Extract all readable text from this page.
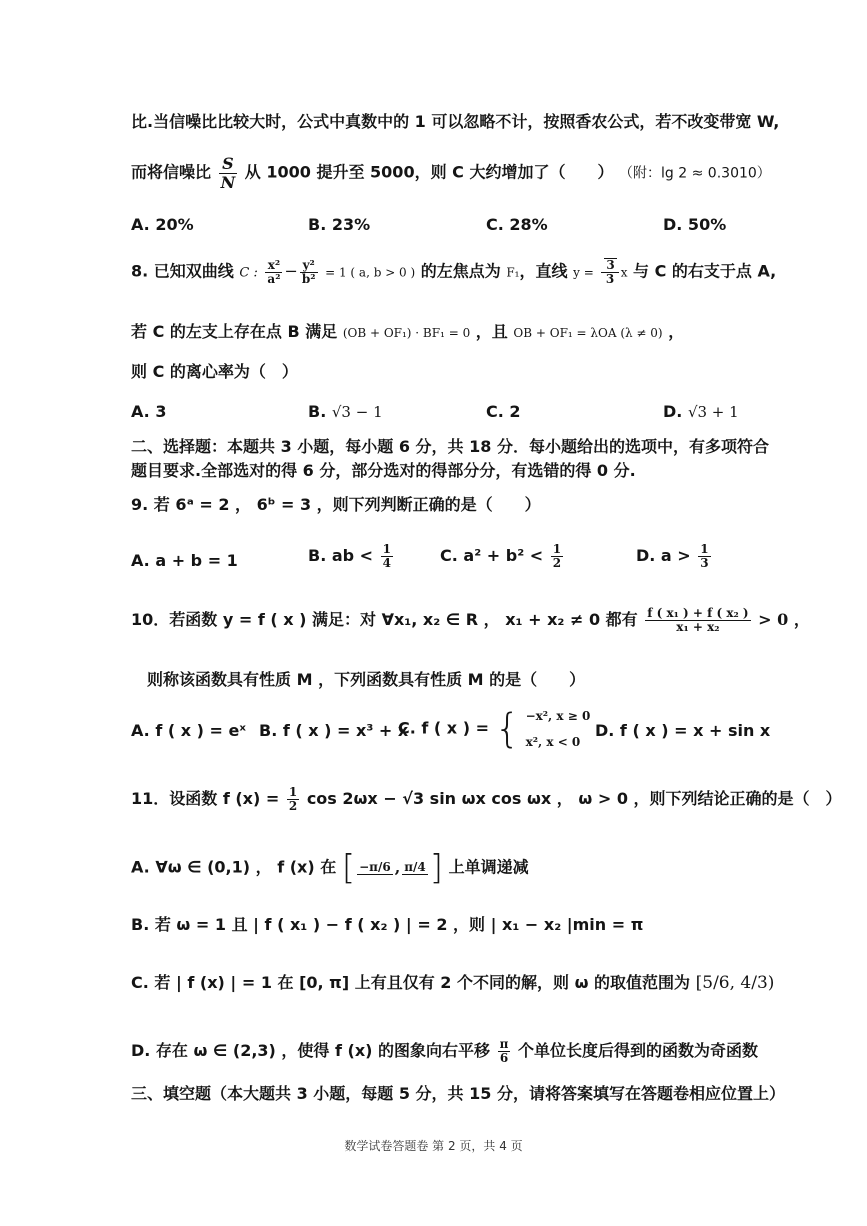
比.当信噪比比较大时，公式中真数中的 1 可以忽略不计，按照香农公式，若不改变带宽 W,
而将信噪比 $\frac{S}{N}$ 从 1000 提升至 5000，则 C 大约增加了（　　） （附：lg 2 ≈ 0.3010）
A. 20%	B. 23%	C. 28%	D. 50%
8. 已知双曲线 C : $\frac{\text{x²}}{\text{a²}} - \frac{\text{y²}}{\text{b²}} = 1$ ( a, b > 0 ) 的左焦点为 F₁，直线 $y = \frac{3}{3}$ x 与 C 的右支于点 A,
若 C 的左支上存在点 B 满足 (OB + OF₁) · BF₁ = 0 ，且 OB + OF₁ = λOA (λ ≠ 0) ，
则 C 的离心率为（　）
A. 3	B. √3 − 1	C. 2	D. √3 + 1
二、选择题：本题共 3 小题，每小题 6 分，共 18 分．每小题给出的选项中，有多项符合
题目要求.全部选对的得 6 分，部分选对的得部分分，有选错的得 0 分.
9. 若 6ᵃ = 2 ， 6ᵇ = 3 ，则下列判断正确的是（　　）
A. a + b = 1	B. ab < $\frac{1}{4}$	C. $a^2 + b^2 < \frac{1}{2}$	D. $a > \frac{1}{3}$
10．若函数 y = f ( x ) 满足：对 ∀x₁, x₂ ∈ R ， x₁ + x₂ ≠ 0 都有 $\frac{\text{f ( x₁ ) + f ( x₂ )}}{\text{x₁ + x₂}} > 0$ ，
则称该函数具有性质 M ，下列函数具有性质 M 的是（　　）
A. f ( x ) = eˣ B. f ( x ) = x³ + x
C. f ( x ) = { −x², x ≥ 0
x², x < 0
D. f ( x ) = x + sin x
11．设函数 f $(x) = \frac{1}{2}$ cos 2ωx − √3 sin ωx cos ωx ， ω > 0 ，则下列结论正确的是（　）
A. ∀ω ∈ (0,1) ， f (x) 在 [ −π/6 , π/4 ] 上单调递减
B. 若 ω = 1 且 | f ( x₁ ) − f ( x₂ ) | = 2 ，则 | x₁ − x₂ |min = π
C. 若 | f (x) | = 1 在 [0, π] 上有且仅有 2 个不同的解，则 ω 的取值范围为 [5/6, 4/3)
D. 存在 ω ∈ (2,3) ，使得 f (x) 的图象向右平移 $\frac{\pi}{6}$ 个单位长度后得到的函数为奇函数
三、填空题（本大题共 3 小题，每题 5 分，共 15 分，请将答案填写在答题卷相应位置上）
数学试卷答题卷 第 2 页，共 4 页
